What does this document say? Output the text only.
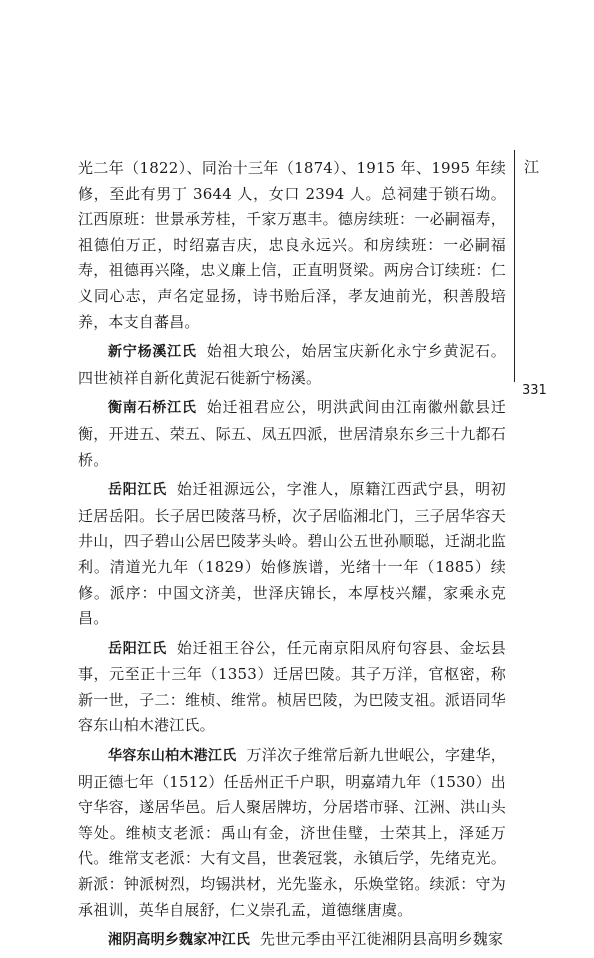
江
331

光二年（1822）、同治十三年（1874）、1915 年、1995 年续修，至此有男丁 3644 人，女口 2394 人。总祠建于锁石坳。江西原班：世景承芳桂，千家万惠丰。德房续班：一必嗣福寿，祖德伯万正，时绍嘉吉庆，忠良永远兴。和房续班：一必嗣福寿，祖德再兴隆，忠义廉上信，正直明贤梁。两房合订续班：仁义同心志，声名定显扬，诗书贻后泽，孝友迪前光，积善殷培养，本支自蕃昌。

新宁杨溪江氏 始祖大琅公，始居宝庆新化永宁乡黄泥石。四世祯祥自新化黄泥石徙新宁杨溪。

衡南石桥江氏 始迁祖君应公，明洪武间由江南徽州歙县迁衡，开进五、荣五、际五、凤五四派，世居清泉东乡三十九都石桥。

岳阳江氏 始迁祖源远公，字淮人，原籍江西武宁县，明初迁居岳阳。长子居巴陵落马桥，次子居临湘北门，三子居华容天井山，四子碧山公居巴陵茅头岭。碧山公五世孙顺聪，迁湖北监利。清道光九年（1829）始修族谱，光绪十一年（1885）续修。派序：中国文济美，世泽庆锦长，本厚枝兴耀，家乘永克昌。

岳阳江氏 始迁祖王谷公，任元南京阳凤府句容县、金坛县事，元至正十三年（1353）迁居巴陵。其子万洋，官枢密，称新一世，子二：维桢、维常。桢居巴陵，为巴陵支祖。派语同华容东山柏木港江氏。

华容东山柏木港江氏 万洋次子维常后新九世岷公，字建华，明正德七年（1512）任岳州正千户职，明嘉靖九年（1530）出守华容，遂居华邑。后人聚居牌坊，分居塔市驿、江洲、洪山头等处。维桢支老派：禹山有金，济世佳璧，士荣其上，泽延万代。维常支老派：大有文昌，世袭冠裳，永镇后学，先绪克光。新派：钟派树烈，均锡洪材，光先鉴永，乐焕堂铭。续派：守为承祖训，英华自展舒，仁义崇孔孟，道德继唐虞。

湘阴高明乡魏家冲江氏 先世元季由平江徙湘阴县高明乡魏家
